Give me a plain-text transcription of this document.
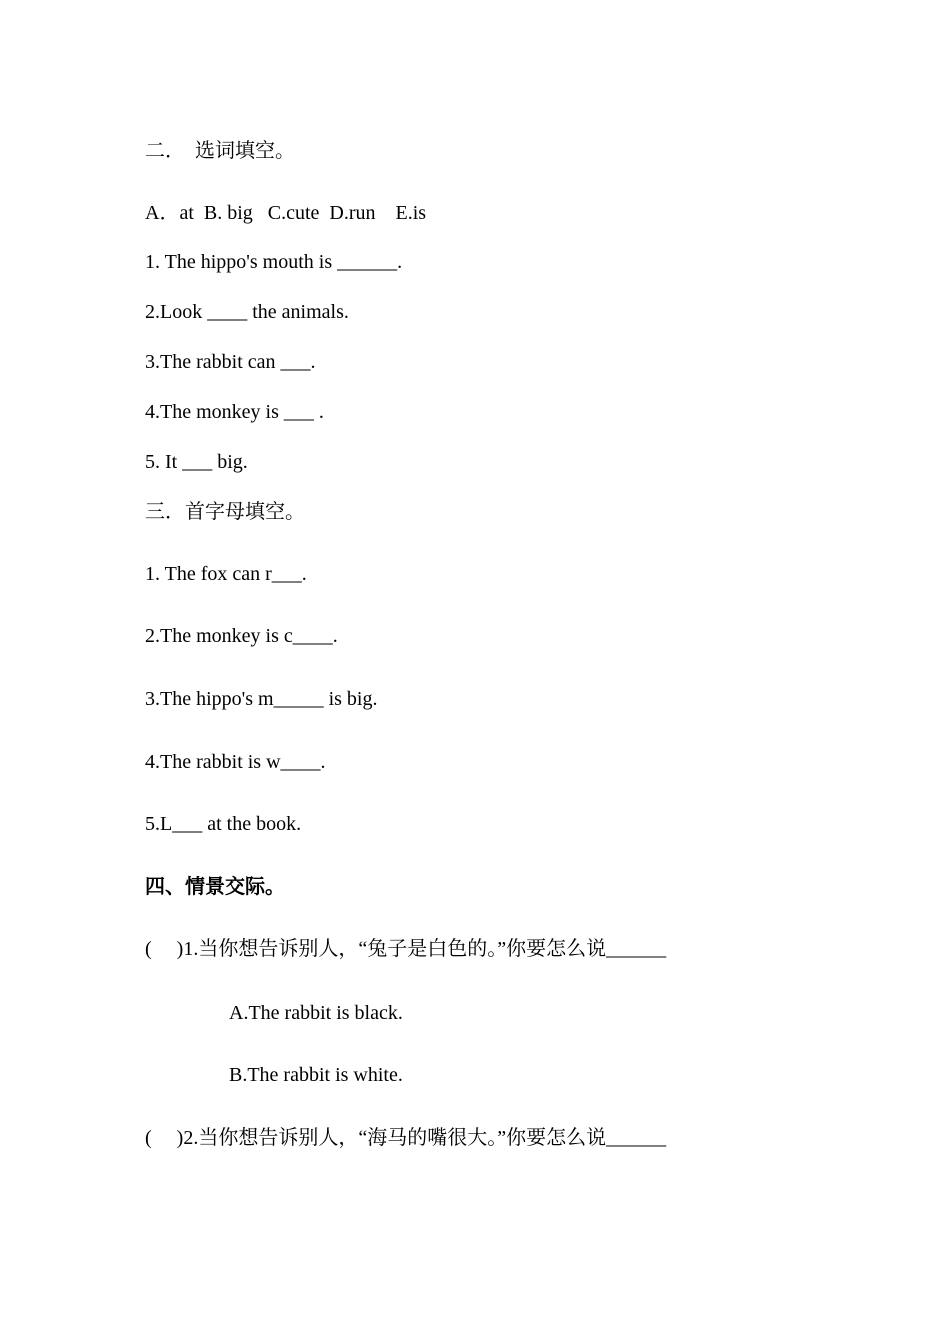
二．  选词填空。
A．at  B. big   C.cute  D.run    E.is
1. The hippo's mouth is ______.
2.Look ____ the animals.
3.The rabbit can ___.
4.The monkey is ___ .
5. It ___ big.
三．首字母填空。
1. The fox can r___.
2.The monkey is c____.
3.The hippo's m_____ is big.
4.The rabbit is w____.
5.L___ at the book.
四、情景交际。
(     )1.当你想告诉别人，“兔子是白色的。”你要怎么说______
A.The rabbit is black.
B.The rabbit is white.
(     )2.当你想告诉别人，“海马的嘴很大。”你要怎么说______
